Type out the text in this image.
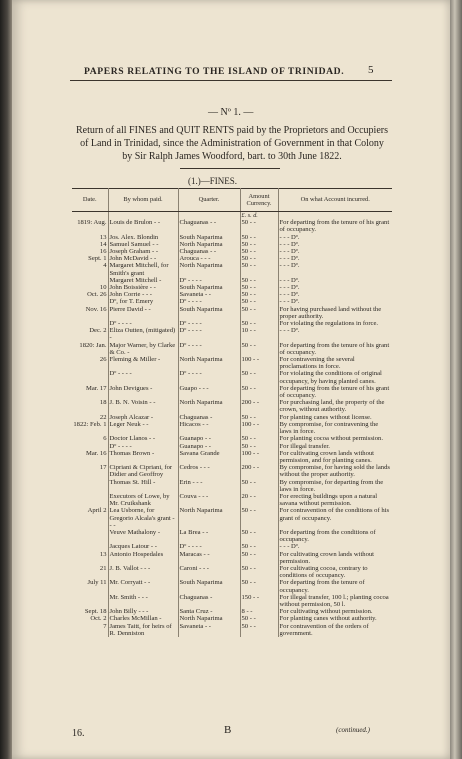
PAPERS RELATING TO THE ISLAND OF TRINIDAD. 5
— Nº 1. —
Return of all FINES and QUIT RENTS paid by the Proprietors and Occupiers
of Land in Trinidad, since the Administration of Government in that Colony
by Sir Ralph James Woodford, bart. to 30th June 1822.
(1.)—FINES.
Date.	By whom paid.	Quarter.	Amount Currency.	On what Account incurred.
			£. s. d.	
1819: Aug.	Louis de Brulon - -	Chaguanas - -	50 - -	For departing from the tenure of his grant of occupancy.
13	Jos. Alex. Blondin	South Naparima	50 - -	- - - Dº.
14	Samuel Samuel - -	North Naparima	50 - -	- - - Dº.
16	Joseph Graham - -	Chaguanas - -	50 - -	- - - Dº.
Sept. 1	John McDavid - -	Arouca - - -	50 - -	- - - Dº.
4	Margaret Mitchell, for Smith's grant	North Naparima	50 - -	- - - Dº.
	Margaret Mitchell -	Dº - - - -	50 - -	- - - Dº.
10	John Boissière - -	South Naparima	50 - -	- - - Dº.
Oct. 26	John Corrie - - -	Savaneta - -	50 - -	- - - Dº.
	Dº, for T. Emery	Dº - - - -	50 - -	- - - Dº.
Nov. 16	Pierre David - -	South Naparima	50 - -	For having purchased land without the proper authority.
	Dº - - - -	Dº - - - -	50 - -	For violating the regulations in force.
Dec. 2	Eliza Outten, (mitigated) -	Dº - - - -	10 - -	- - - Dº.
1820: Jan.	Major Warner, by Clarke & Co. -	Dº - - - -	50 - -	For departing from the tenure of his grant of occupancy.
26	Fleming & Miller -	North Naparima	100 - -	For contravening the several proclamations in force.
	Dº - - - -	Dº - - - -	50 - -	For violating the conditions of original occupancy, by having planted canes.
Mar. 17	John Devigues -	Guapo - - -	50 - -	For departing from the tenure of his grant of occupancy.
18	J. B. N. Voisin - -	North Naparima	200 - -	For purchasing land, the property of the crown, without authority.
22	Joseph Alcazar -	Chaguanas -	50 - -	For planting canes without license.
1822: Feb. 1	Leger Neuk - -	Hicacos - -	100 - -	By compromise, for contravening the laws in force.
6	Doctor Llanos - -	Guanapo - -	50 - -	For planting cocoa without permission.
	Dº - - - -	Guanapo - -	50 - -	For illegal transfer.
Mar. 16	Thomas Brown -	Savana Grande	100 - -	For cultivating crown lands without permission, and for planting canes.
17	Cipriani & Cipriani, for Didier and Geoffroy	Cedros - - -	200 - -	By compromise, for having sold the lands without the proper authority.
	Thomas St. Hill -	Erin - - -	50 - -	By compromise, for departing from the laws in force.
	Executors of Lowe, by Mr. Cruikshank	Couva - - -	20 - -	For erecting buildings upon a natural savana without permission.
April 2	Lea Usborne, for Gregorio Alcala's grant - - -	North Naparima	50 - -	For contravention of the conditions of his grant of occupancy.
	Veuve Mathalony -	La Brea - -	50 - -	For departing from the conditions of occupancy.
	Jacques Latour - -	Dº - - - -	50 - -	- - - Dº.
13	Antonio Hospedales	Maracas - -	50 - -	For cultivating crown lands without permission.
21	J. B. Vallot - - -	Caroni - - -	50 - -	For cultivating cocoa, contrary to conditions of occupancy.
July 11	Mr. Corryatt - -	South Naparima	50 - -	For departing from the tenure of occupancy.
	Mr. Smith - - -	Chaguanas -	150 - -	For illegal transfer, 100 l.; planting cocoa without permission, 50 l.
Sept. 18	John Billy - - -	Santa Cruz -	8 - -	For cultivating without permission.
Oct. 2	Charles McMillan -	North Naparima	50 - -	For planting canes without authority.
7	James Taitt, for heirs of R. Denniston	Savaneta - -	50 - -	For contravention of the orders of government.
16.	B	(continued.)
